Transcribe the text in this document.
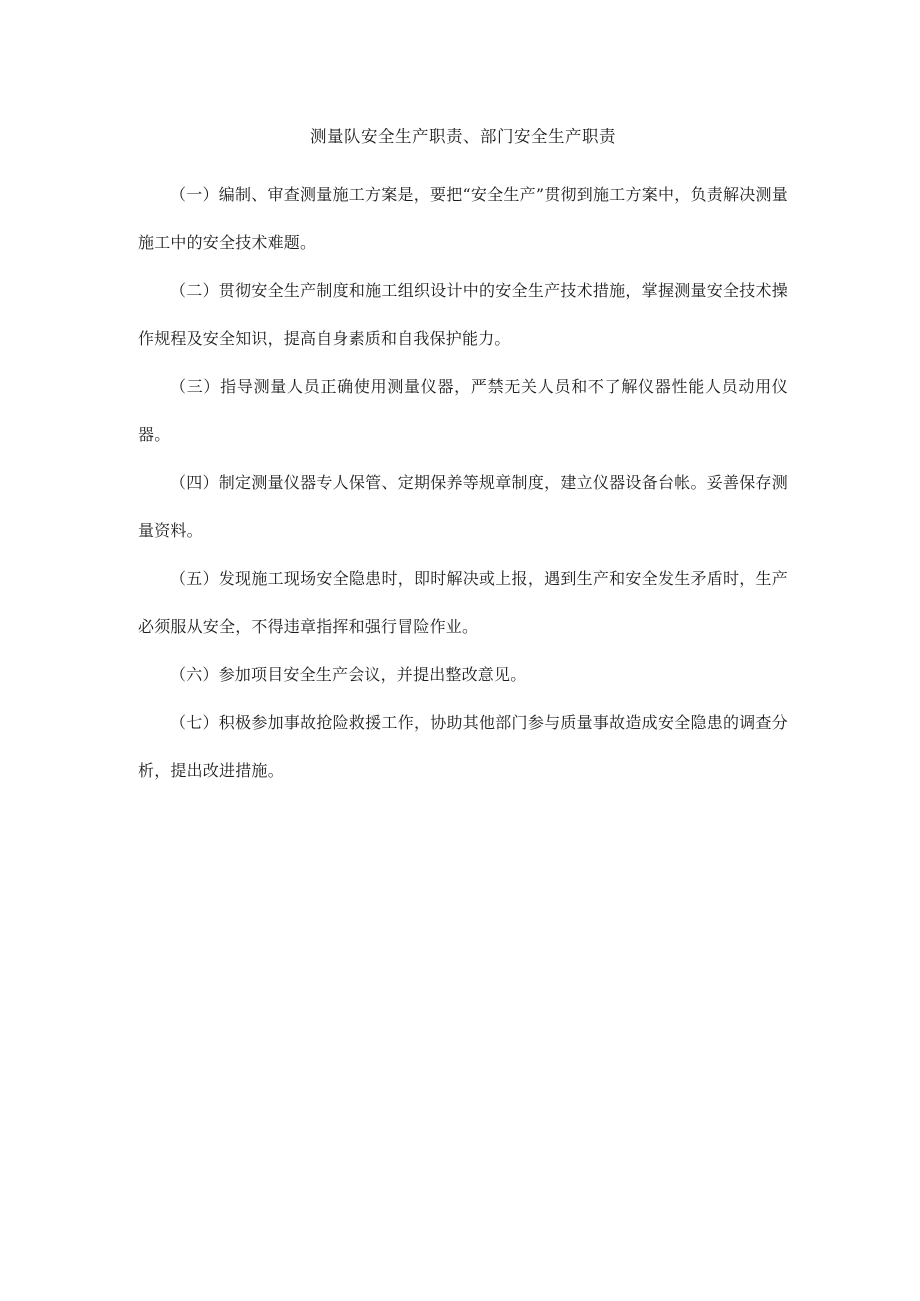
测量队安全生产职责、部门安全生产职责

（一）编制、审查测量施工方案是，要把“安全生产”贯彻到施工方案中，负责解决测量施工中的安全技术难题。

（二）贯彻安全生产制度和施工组织设计中的安全生产技术措施，掌握测量安全技术操作规程及安全知识，提高自身素质和自我保护能力。

（三）指导测量人员正确使用测量仪器，严禁无关人员和不了解仪器性能人员动用仪器。

（四）制定测量仪器专人保管、定期保养等规章制度，建立仪器设备台帐。妥善保存测量资料。

（五）发现施工现场安全隐患时，即时解决或上报，遇到生产和安全发生矛盾时，生产必须服从安全，不得违章指挥和强行冒险作业。

（六）参加项目安全生产会议，并提出整改意见。

（七）积极参加事故抢险救援工作，协助其他部门参与质量事故造成安全隐患的调查分析，提出改进措施。
